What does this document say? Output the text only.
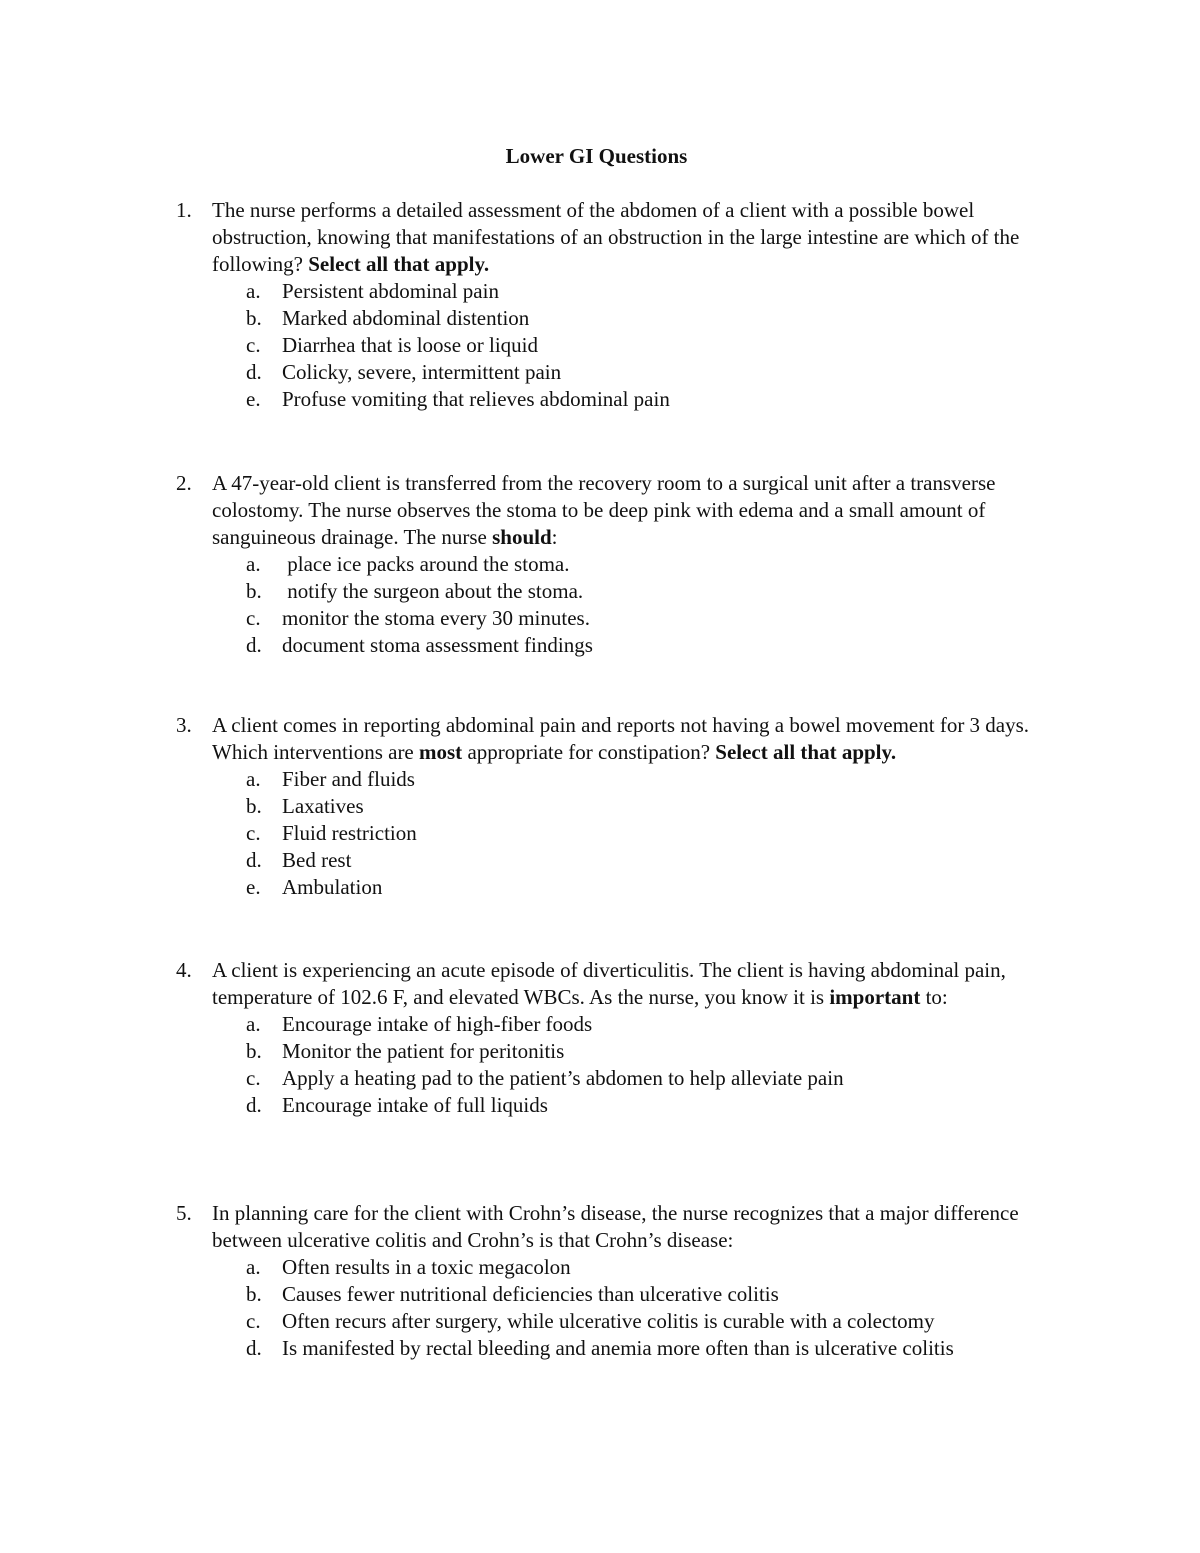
Lower GI Questions
1. The nurse performs a detailed assessment of the abdomen of a client with a possible bowel obstruction, knowing that manifestations of an obstruction in the large intestine are which of the following? Select all that apply.
a. Persistent abdominal pain
b. Marked abdominal distention
c. Diarrhea that is loose or liquid
d. Colicky, severe, intermittent pain
e. Profuse vomiting that relieves abdominal pain
2. A 47-year-old client is transferred from the recovery room to a surgical unit after a transverse colostomy. The nurse observes the stoma to be deep pink with edema and a small amount of sanguineous drainage. The nurse should:
a. place ice packs around the stoma.
b. notify the surgeon about the stoma.
c. monitor the stoma every 30 minutes.
d. document stoma assessment findings
3. A client comes in reporting abdominal pain and reports not having a bowel movement for 3 days. Which interventions are most appropriate for constipation? Select all that apply.
a. Fiber and fluids
b. Laxatives
c. Fluid restriction
d. Bed rest
e. Ambulation
4. A client is experiencing an acute episode of diverticulitis. The client is having abdominal pain, temperature of 102.6 F, and elevated WBCs. As the nurse, you know it is important to:
a. Encourage intake of high-fiber foods
b. Monitor the patient for peritonitis
c. Apply a heating pad to the patient’s abdomen to help alleviate pain
d. Encourage intake of full liquids
5. In planning care for the client with Crohn’s disease, the nurse recognizes that a major difference between ulcerative colitis and Crohn’s is that Crohn’s disease:
a. Often results in a toxic megacolon
b. Causes fewer nutritional deficiencies than ulcerative colitis
c. Often recurs after surgery, while ulcerative colitis is curable with a colectomy
d. Is manifested by rectal bleeding and anemia more often than is ulcerative colitis
